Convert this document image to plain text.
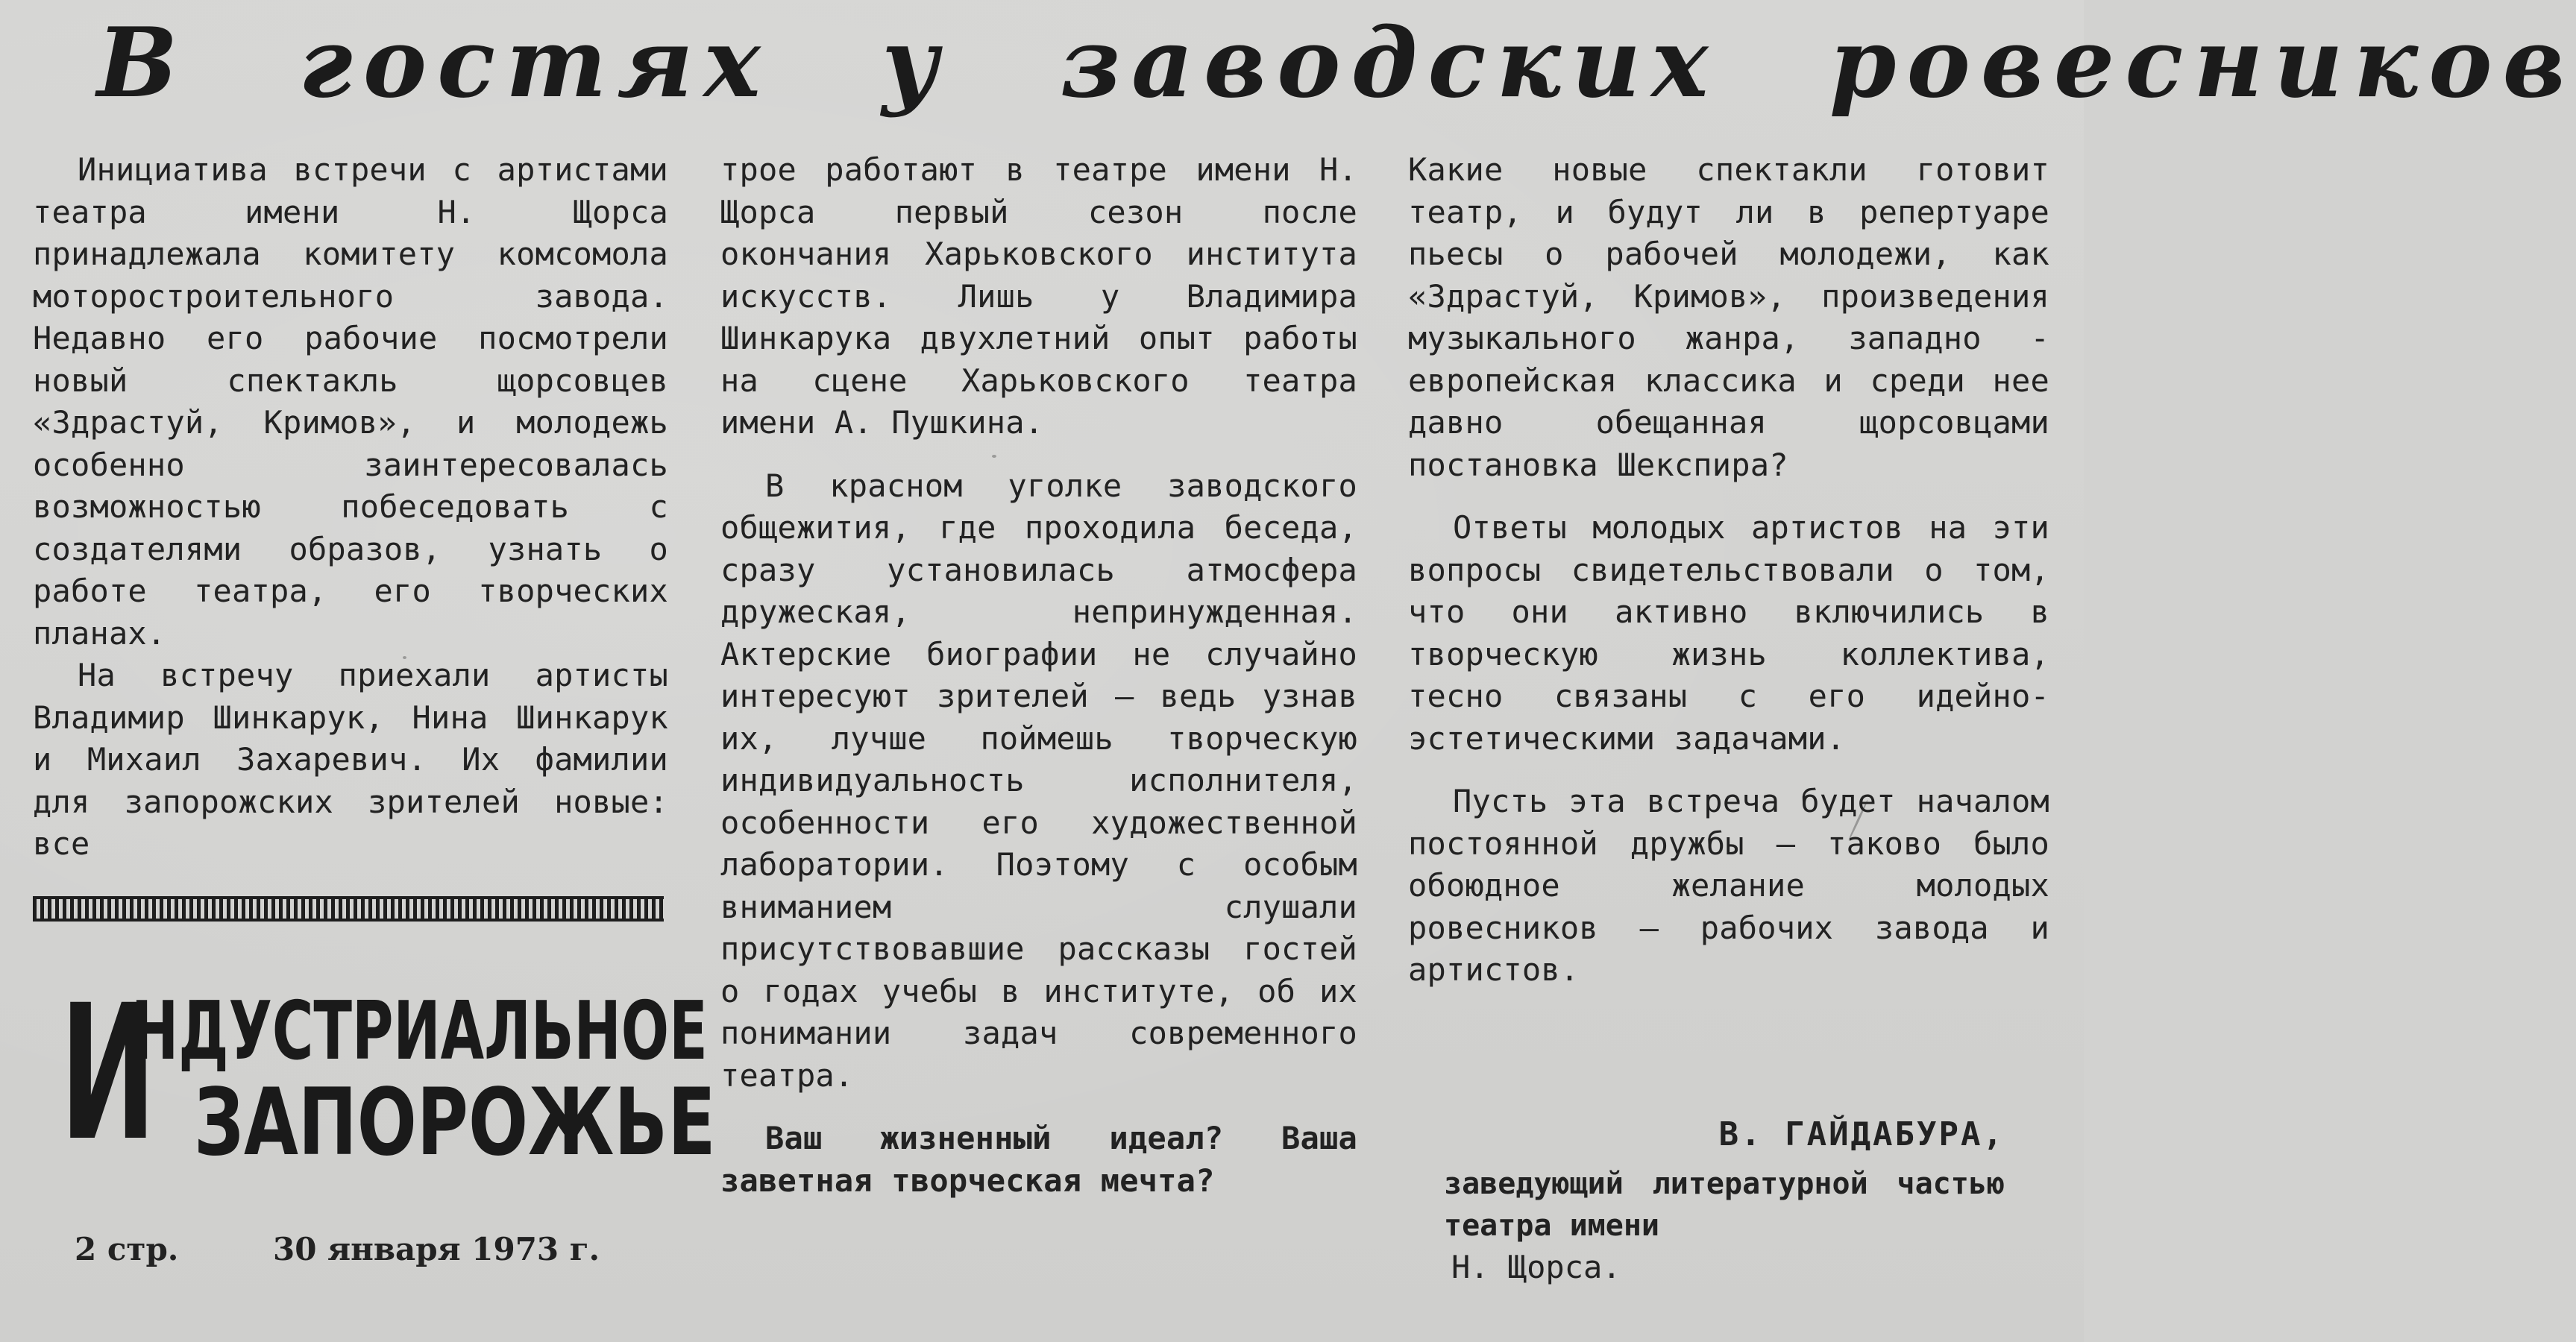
В гостях у заводских ровесников

Инициатива встречи с артистами театра имени Н. Щорса принадлежала комитету комсомола моторостроительного завода. Недавно его рабочие посмотрели новый спектакль щорсовцев «Здрастуй, Кримов», и молодежь особенно заинтересовалась возможностью побеседовать с создателями образов, узнать о работе театра, его творческих планах.

На встречу приехали артисты Владимир Шинкарук, Нина Шинкарук и Михаил Захаревич. Их фамилии для запорожских зрителей новые: все

трое работают в театре имени Н. Щорса первый сезон после окончания Харьковского института искусств. Лишь у Владимира Шинкарука двухлетний опыт работы на сцене Харьковского театра имени А. Пушкина.

В красном уголке заводского общежития, где проходила беседа, сразу установилась атмосфера дружеская, непринужденная. Актерские биографии не случайно интересуют зрителей — ведь узнав их, лучше поймешь творческую индивидуальность исполнителя, особенности его художественной лаборатории. Поэтому с особым вниманием слушали присутствовавшие рассказы гостей о годах учебы в институте, об их понимании задач современного театра.

Ваш жизненный идеал? Ваша заветная творческая мечта?

Какие новые спектакли готовит театр, и будут ли в репертуаре пьесы о рабочей молодежи, как «Здрастуй, Кримов», произведения музыкального жанра, западно - европейская классика и среди нее давно обещанная щорсовцами постановка Шекспира?

Ответы молодых артистов на эти вопросы свидетельствовали о том, что они активно включились в творческую жизнь коллектива, тесно связаны с его идейно-эстетическими задачами.

Пусть эта встреча будет началом постоянной дружбы — таково было обоюдное желание молодых ровесников — рабочих завода и артистов.

И
НДУСТРИАЛЬНОЕ
ЗАПОРОЖЬЕ
2 стр.	30 января 1973 г.
В. ГАЙДАБУРА,
заведующий литературной частью театра имени
Н. Щорса.
